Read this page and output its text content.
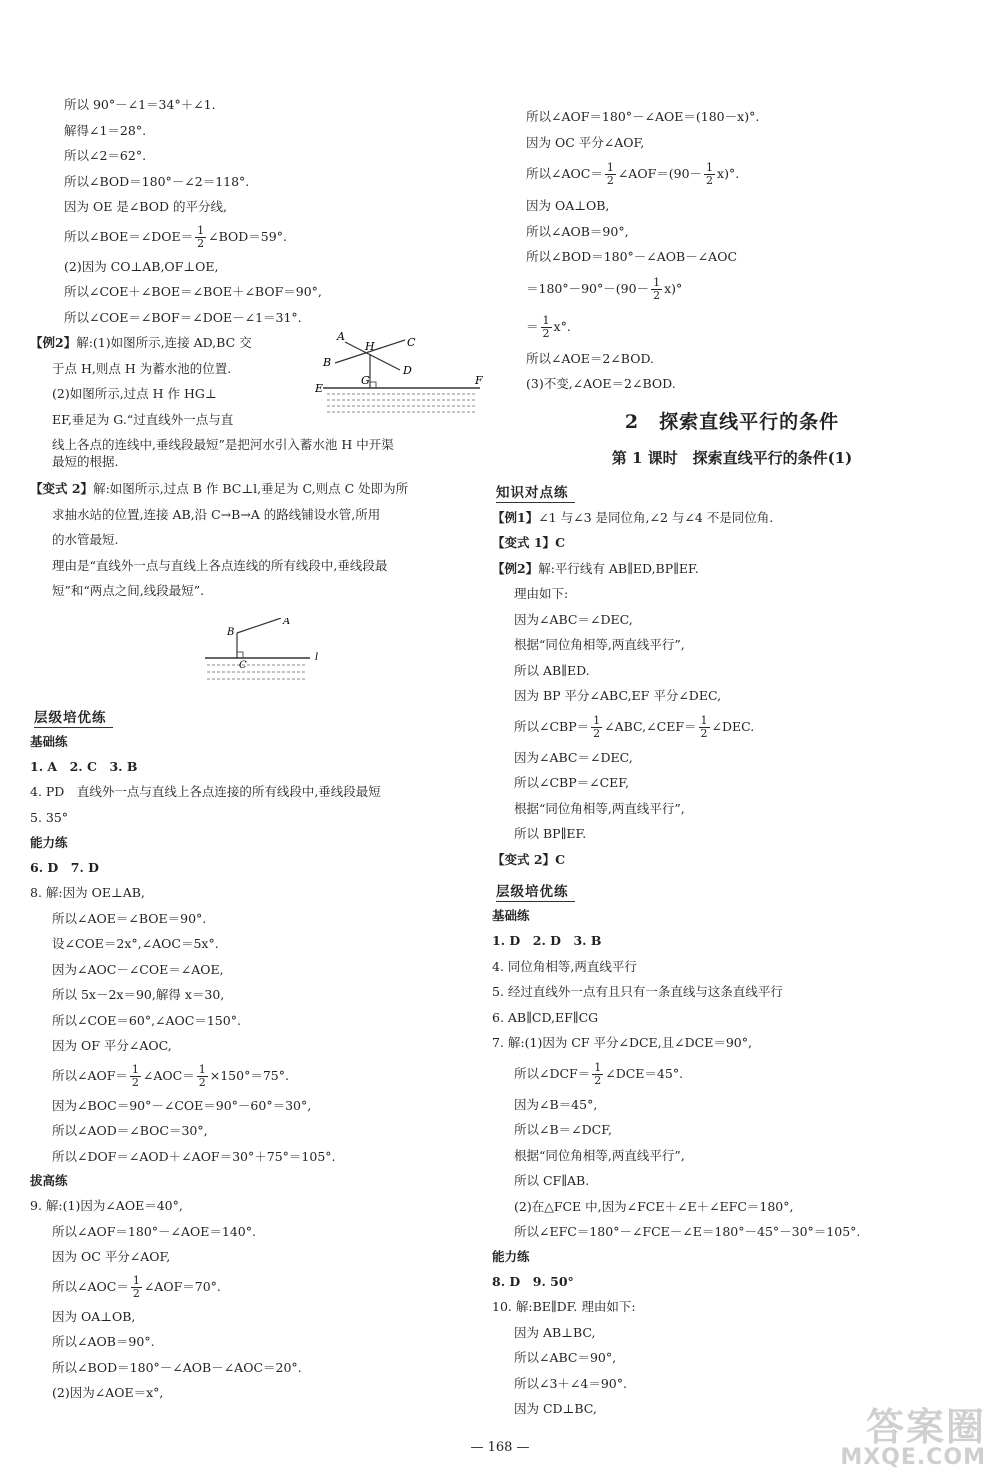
所以 90°－∠1＝34°＋∠1.
解得∠1＝28°.
所以∠2＝62°.
所以∠BOD＝180°－∠2＝118°.
因为 OE 是∠BOD 的平分线,
所以∠BOE＝∠DOE＝ $\frac{1}{2}$ ∠BOD＝59°.
(2)因为 CO⊥AB,OF⊥OE,
所以∠COE＋∠BOE＝∠BOE＋∠BOF＝90°,
所以∠COE＝∠BOF＝∠DOE－∠1＝31°.
【例2】解:(1)如图所示,连接 AD,BC 交
于点 H,则点 H 为蓄水池的位置.
(2)如图所示,过点 H 作 HG⊥
EF,垂足为 G.“过直线外一点与直
线上各点的连线中,垂线段最短”是把河水引入蓄水池 H 中开渠
最短的根据.
A
H	C
B
D
G
E
F
【变式 2】解:如图所示,过点 B 作 BC⊥l,垂足为 C,则点 C 处即为所
求抽水站的位置,连接 AB,沿 C→B→A 的路线铺设水管,所用
的水管最短.
理由是“直线外一点与直线上各点连线的所有线段中,垂线段最
短”和“两点之间,线段最短”.
A
B
C
l
层级培优练
基础练
1. A　2. C　3. B
4. PD　直线外一点与直线上各点连接的所有线段中,垂线段最短
5. 35°
能力练
6. D　7. D
8. 解:因为 OE⊥AB,
所以∠AOE＝∠BOE＝90°.
设∠COE＝2x°,∠AOC＝5x°.
因为∠AOC－∠COE＝∠AOE,
所以 5x－2x＝90,解得 x＝30,
所以∠COE＝60°,∠AOC＝150°.
因为 OF 平分∠AOC,
所以∠AOF＝ $\frac{1}{2}$ ∠AOC＝ $\frac{1}{2} \times 150^\circ=75^\circ$.
因为∠BOC＝90°－∠COE＝90°－60°＝30°,
所以∠AOD＝∠BOC＝30°,
所以∠DOF＝∠AOD＋∠AOF＝30°＋75°＝105°.
拔高练
9. 解:(1)因为∠AOE＝40°,
所以∠AOF＝180°－∠AOE＝140°.
因为 OC 平分∠AOF,
所以∠AOC＝ $\frac{1}{2}$ ∠AOF＝70°.
因为 OA⊥OB,
所以∠AOB＝90°.
所以∠BOD＝180°－∠AOB－∠AOC＝20°.
(2)因为∠AOE＝x°,
所以∠AOF＝180°－∠AOE＝(180－x)°.
因为 OC 平分∠AOF,
所以∠AOC＝ $\frac{1}{2}$ ∠AOF＝(90－ $\frac{1}{2} x)^\circ$.
因为 OA⊥OB,
所以∠AOB＝90°,
所以∠BOD＝180°－∠AOB－∠AOC
$=180^\circ-90^\circ-(90- \frac{1}{2} x)^\circ$
＝ $\frac{1}{2} x^\circ$.
所以∠AOE＝2∠BOD.
(3)不变,∠AOE＝2∠BOD.
2　探索直线平行的条件
第 1 课时　探索直线平行的条件(1)
知识对点练
【例1】∠1 与∠3 是同位角,∠2 与∠4 不是同位角.
【变式 1】C
【例2】解:平行线有 AB∥ED,BP∥EF.
理由如下:
因为∠ABC＝∠DEC,
根据“同位角相等,两直线平行”,
所以 AB∥ED.
因为 BP 平分∠ABC,EF 平分∠DEC,
所以∠CBP＝ $\frac{1}{2}$ ∠ABC,∠CEF＝ $\frac{1}{2}$ ∠DEC.
因为∠ABC＝∠DEC,
所以∠CBP＝∠CEF,
根据“同位角相等,两直线平行”,
所以 BP∥EF.
【变式 2】C
层级培优练
基础练
1. D　2. D　3. B
4. 同位角相等,两直线平行
5. 经过直线外一点有且只有一条直线与这条直线平行
6. AB∥CD,EF∥CG
7. 解:(1)因为 CF 平分∠DCE,且∠DCE＝90°,
所以∠DCF＝ $\frac{1}{2}$ ∠DCE＝45°.
因为∠B＝45°,
所以∠B＝∠DCF,
根据“同位角相等,两直线平行”,
所以 CF∥AB.
(2)在△FCE 中,因为∠FCE＋∠E＋∠EFC＝180°,
所以∠EFC＝180°－∠FCE－∠E＝180°－45°－30°＝105°.
能力练
8. D　9. 50°
10. 解:BE∥DF. 理由如下:
因为 AB⊥BC,
所以∠ABC＝90°,
所以∠3＋∠4＝90°.
因为 CD⊥BC,	答案圈
MXQE.COM
— 168 —
